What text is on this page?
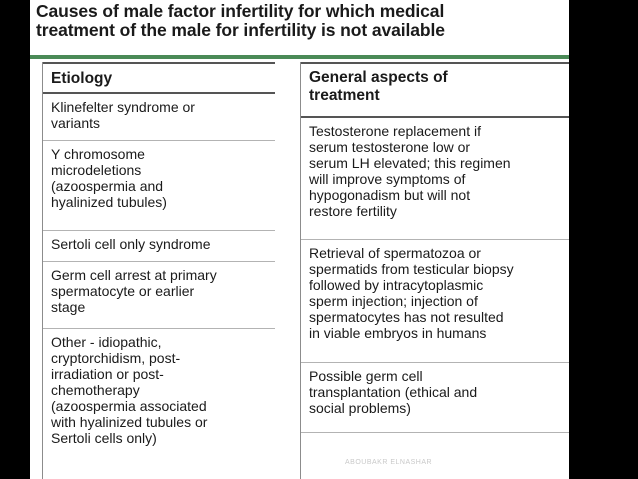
Causes of male factor infertility for which medical
treatment of the male for infertility is not available
Etiology
Klinefelter syndrome or
variants
Y chromosome
microdeletions
(azoospermia and
hyalinized tubules)
Sertoli cell only syndrome
Germ cell arrest at primary
spermatocyte or earlier
stage
Other - idiopathic,
cryptorchidism, post-
irradiation or post-
chemotherapy
(azoospermia associated
with hyalinized tubules or
Sertoli cells only)
General aspects of
treatment
Testosterone replacement if
serum testosterone low or
serum LH elevated; this regimen
will improve symptoms of
hypogonadism but will not
restore fertility
Retrieval of spermatozoa or
spermatids from testicular biopsy
followed by intracytoplasmic
sperm injection; injection of
spermatocytes has not resulted
in viable embryos in humans
Possible germ cell
transplantation (ethical and
social problems)
ABOUBAKR ELNASHAR
